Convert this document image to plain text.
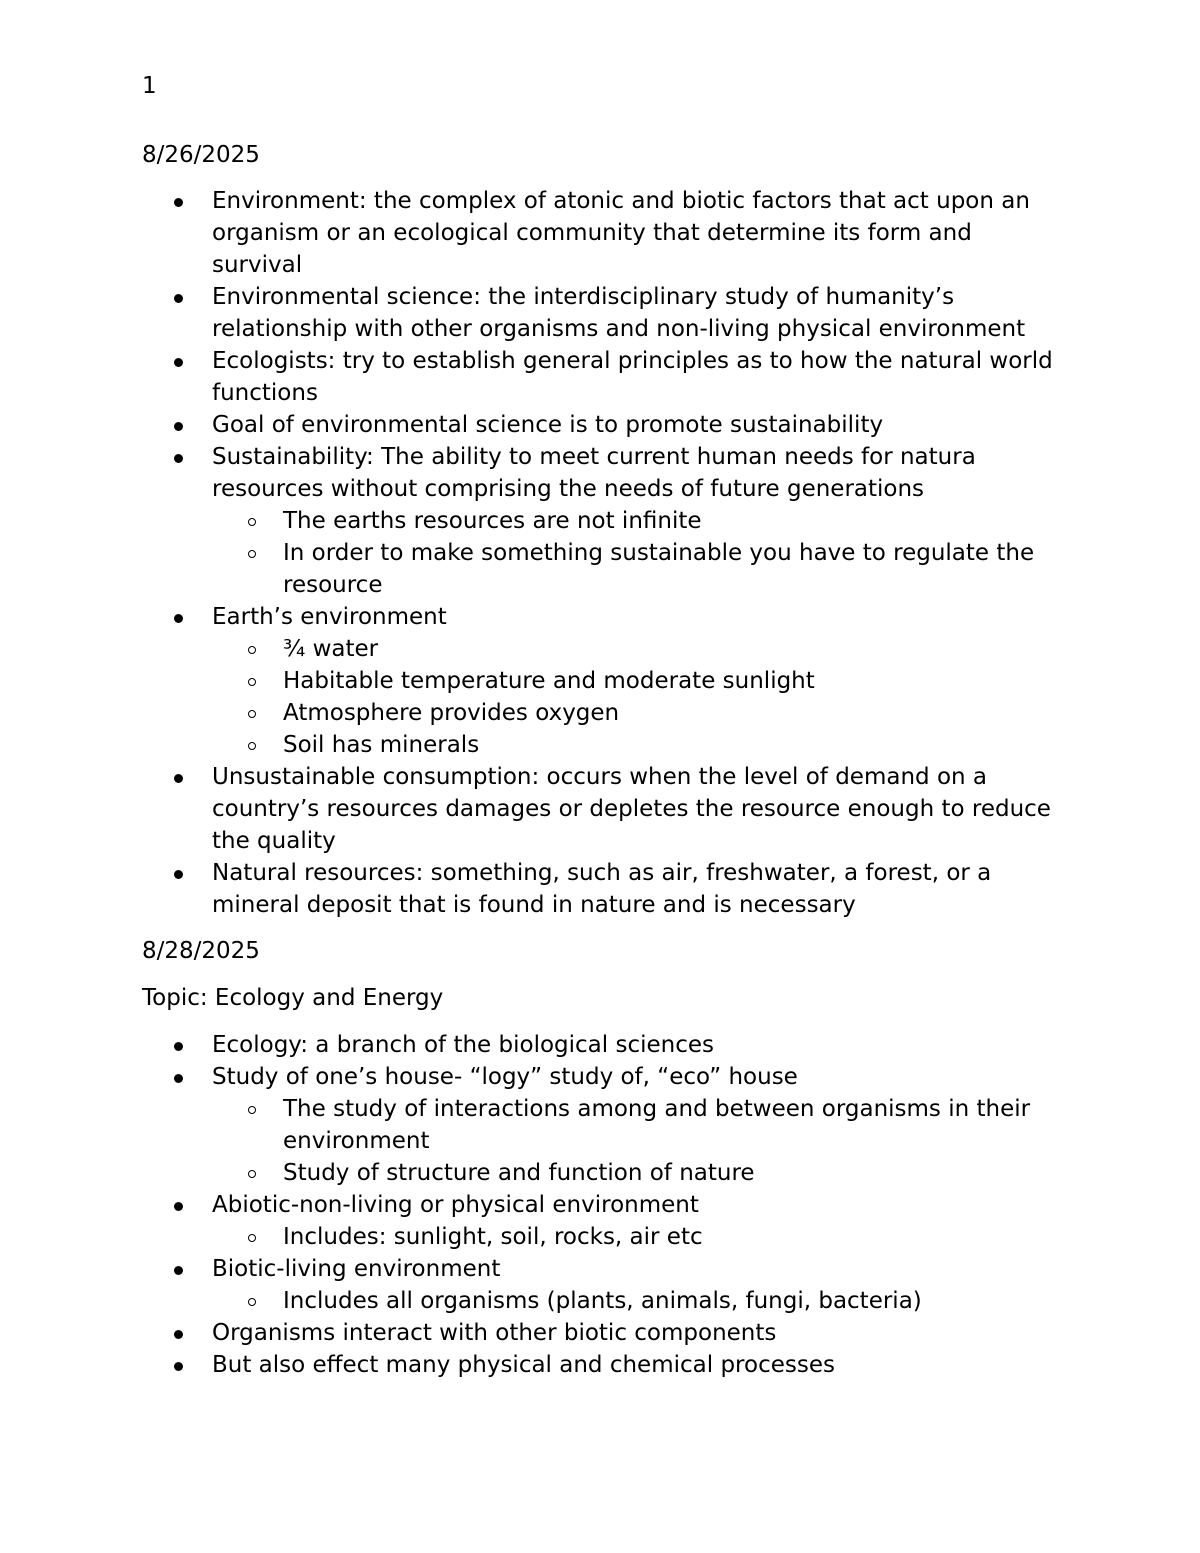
1

8/26/2025

Environment: the complex of atonic and biotic factors that act upon an organism or an ecological community that determine its form and survival
Environmental science: the interdisciplinary study of humanity’s relationship with other organisms and non-living physical environment
Ecologists: try to establish general principles as to how the natural world functions
Goal of environmental science is to promote sustainability
Sustainability: The ability to meet current human needs for natura resources without comprising the needs of future generations
The earths resources are not infinite
In order to make something sustainable you have to regulate the resource
Earth’s environment
¾ water
Habitable temperature and moderate sunlight
Atmosphere provides oxygen
Soil has minerals
Unsustainable consumption: occurs when the level of demand on a country’s resources damages or depletes the resource enough to reduce the quality
Natural resources: something, such as air, freshwater, a forest, or a mineral deposit that is found in nature and is necessary

8/28/2025

Topic: Ecology and Energy

Ecology: a branch of the biological sciences
Study of one’s house- “logy” study of, “eco” house
The study of interactions among and between organisms in their environment
Study of structure and function of nature
Abiotic-non-living or physical environment
Includes: sunlight, soil, rocks, air etc
Biotic-living environment
Includes all organisms (plants, animals, fungi, bacteria)
Organisms interact with other biotic components
But also effect many physical and chemical processes
